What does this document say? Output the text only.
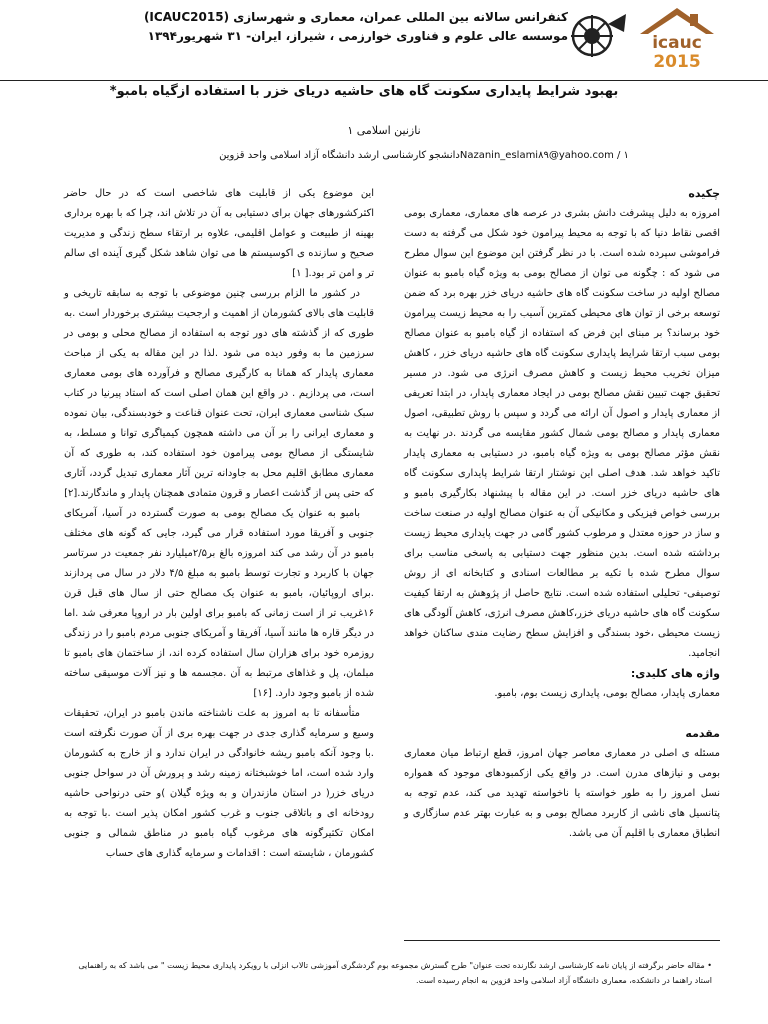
کنفرانس سالانه بین المللی عمران، معماری و شهرسازی (ICAUC2015)
موسسه عالی علوم و فناوری خوارزمی ، شیراز، ایران- ۳۱ شهریور۱۳۹۴	icauc
2015
بهبود شرایط پایداری سکونت گاه های حاشیه دریای خزر با استفاده ازگیاه بامبو*
نازنین اسلامی ۱
Nazanin_eslami۸۹@yahoo.com / ۱دانشجو کارشناسی ارشد دانشگاه آزاد اسلامی واحد قزوین
چکیده

امروزه به دلیل پیشرفت دانش بشری در عرصه های معماری، معماری بومی اقصی نقاط دنیا که با توجه به محیط پیرامون خود شکل می گرفته به دست فراموشی سپرده شده است. با در نظر گرفتن این موضوع این سوال مطرح می شود که : چگونه می توان از مصالح بومی به ویژه گیاه بامبو به عنوان مصالح اولیه در ساخت سکونت گاه های حاشیه دریای خزر بهره برد که ضمن توسعه برخی از توان های محیطی کمترین آسیب را به محیط زیست پیرامون خود برساند؟ بر مبنای این فرض که استفاده از گیاه بامبو به عنوان مصالح بومی سبب ارتقا شرایط پایداری سکونت گاه های حاشیه دریای خزر ، کاهش میزان تخریب محیط زیست و کاهش مصرف انرژی می شود. در مسیر تحقیق جهت تبیین نقش مصالح بومی در ایجاد معماری پایدار، در ابتدا تعریفی از معماری پایدار و اصول آن ارائه می گردد و سپس با روش تطبیقی، اصول معماری پایدار و مصالح بومی شمال کشور مقایسه می گردند .در نهایت به نقش مؤثر مصالح بومی به ویژه گیاه بامبو، در دستیابی به معماری پایدار تاکید خواهد شد. هدف اصلی این نوشتار ارتقا شرایط پایداری سکونت گاه های حاشیه دریای خزر است. در این مقاله با پیشنهاد بکارگیری بامبو و بررسی خواص فیزیکی و مکانیکی آن به عنوان مصالح اولیه در صنعت ساخت و ساز در حوزه معتدل و مرطوب کشور گامی در جهت پایداری محیط زیست برداشته شده است. بدین منظور جهت دستیابی به پاسخی مناسب برای سوال مطرح شده با تکیه بر مطالعات اسنادی و کتابخانه ای از روش توصیفی- تحلیلی استفاده شده است. نتایج حاصل از پژوهش به ارتقا کیفیت سکونت گاه های حاشیه دریای خزر،کاهش مصرف انرژی، کاهش آلودگی های زیست محیطی ،خود بسندگی و افزایش سطح رضایت مندی ساکنان خواهد انجامید.

واژه های کلیدی:

معماری پایدار، مصالح بومی، پایداری زیست بوم، بامبو.

مقدمه

مسئله ی اصلی در معماری معاصر جهان امروز، قطع ارتباط میان معماری بومی و نیازهای مدرن است. در واقع یکی ازکمبودهای موجود که همواره نسل امروز را به طور خواسته یا ناخواسته تهدید می کند، عدم توجه به پتانسیل های ناشی از کاربرد مصالح بومی و به عبارت بهتر عدم سازگاری و انطباق معماری با اقلیم آن می باشد.

این موضوع یکی از قابلیت های شاخصی است که در حال حاضر اکثرکشورهای جهان برای دستیابی به آن در تلاش اند، چرا که با بهره برداری بهینه از طبیعت و عوامل اقلیمی، علاوه بر ارتقاء سطح زندگی و مدیریت صحیح و سازنده ی اکوسیستم ها می توان شاهد شکل گیری آینده ای سالم تر و امن تر بود.[ ۱]

در کشور ما الزام بررسی چنین موضوعی با توجه به سابقه تاریخی و قابلیت های بالای کشورمان از اهمیت و ارجحیت بیشتری برخوردار است .به طوری که از گذشته های دور توجه به استفاده از مصالح محلی و بومی در سرزمین ما به وفور دیده می شود .لذا در این مقاله به یکی از مباحث معماری پایدار که همانا به کارگیری مصالح و فرآورده های بومی معماری است، می پردازیم . در واقع این همان اصلی است که استاد پیرنیا در کتاب سبک شناسی معماری ایران، تحت عنوان قناعت و خودبسندگی، بیان نموده و معماری ایرانی را بر آن می داشته همچون کیمیاگری توانا و مسلط، به شایستگی از مصالح بومی پیرامون خود استفاده کند، به طوری که آن معماری مطابق اقلیم محل به جاودانه ترین آثار معماری تبدیل گردد، آثاری که حتی پس از گذشت اعصار و قرون متمادی همچنان پایدار و ماندگارند.[۲]

بامبو به عنوان یک مصالح بومی به صورت گسترده در آسیا، آمریکای جنوبی و آفریقا مورد استفاده قرار می گیرد، جایی که گونه های مختلف بامبو در آن رشد می کند امروزه بالغ بر۲/۵میلیارد نفر جمعیت در سرتاسر جهان با کاربرد و تجارت توسط بامبو به مبلغ ۴/۵ دلار در سال می پردازند .برای اروپائیان، بامبو به عنوان یک مصالح حتی از سال های قبل قرن ۱۶غریب تر از است زمانی که بامبو برای اولین بار در اروپا معرفی شد .اما در دیگر قاره ها مانند آسیا، آفریقا و آمریکای جنوبی مردم بامبو را در زندگی روزمره خود برای هزاران سال استفاده کرده اند، از ساختمان های بامبو تا مبلمان، پل و غذاهای مرتبط به آن .مجسمه ها و نیز آلات موسیقی ساخته شده از بامبو وجود دارد. [۱۶]

متأسفانه تا به امروز به علت ناشناخته ماندن بامبو در ایران، تحقیقات وسیع و سرمایه گذاری جدی در جهت بهره بری از آن صورت نگرفته است .با وجود آنکه بامبو ریشه خانوادگی در ایران ندارد و از خارج به کشورمان وارد شده است، اما خوشبختانه زمینه رشد و پرورش آن در سواحل جنوبی دریای خزر( در استان مازندران و به ویژه گیلان )و حتی درنواحی حاشیه رودخانه ای و باتلاقی جنوب و غرب کشور امکان پذیر است .با توجه به امکان تکثیرگونه های مرغوب گیاه بامبو در مناطق شمالی و جنوبی کشورمان ، شایسته است : اقدامات و سرمایه گذاری های حساب

• مقاله حاضر برگرفته از پایان نامه کارشناسی ارشد نگارنده تحت عنوان" طرح گسترش مجموعه بوم گردشگری آموزشی تالاب انزلی با رویکرد پایداری محیط زیست " می باشد که به راهنمایی استاد راهنما در دانشکده، معماری دانشگاه آزاد اسلامی واحد قزوین به انجام رسیده است.
